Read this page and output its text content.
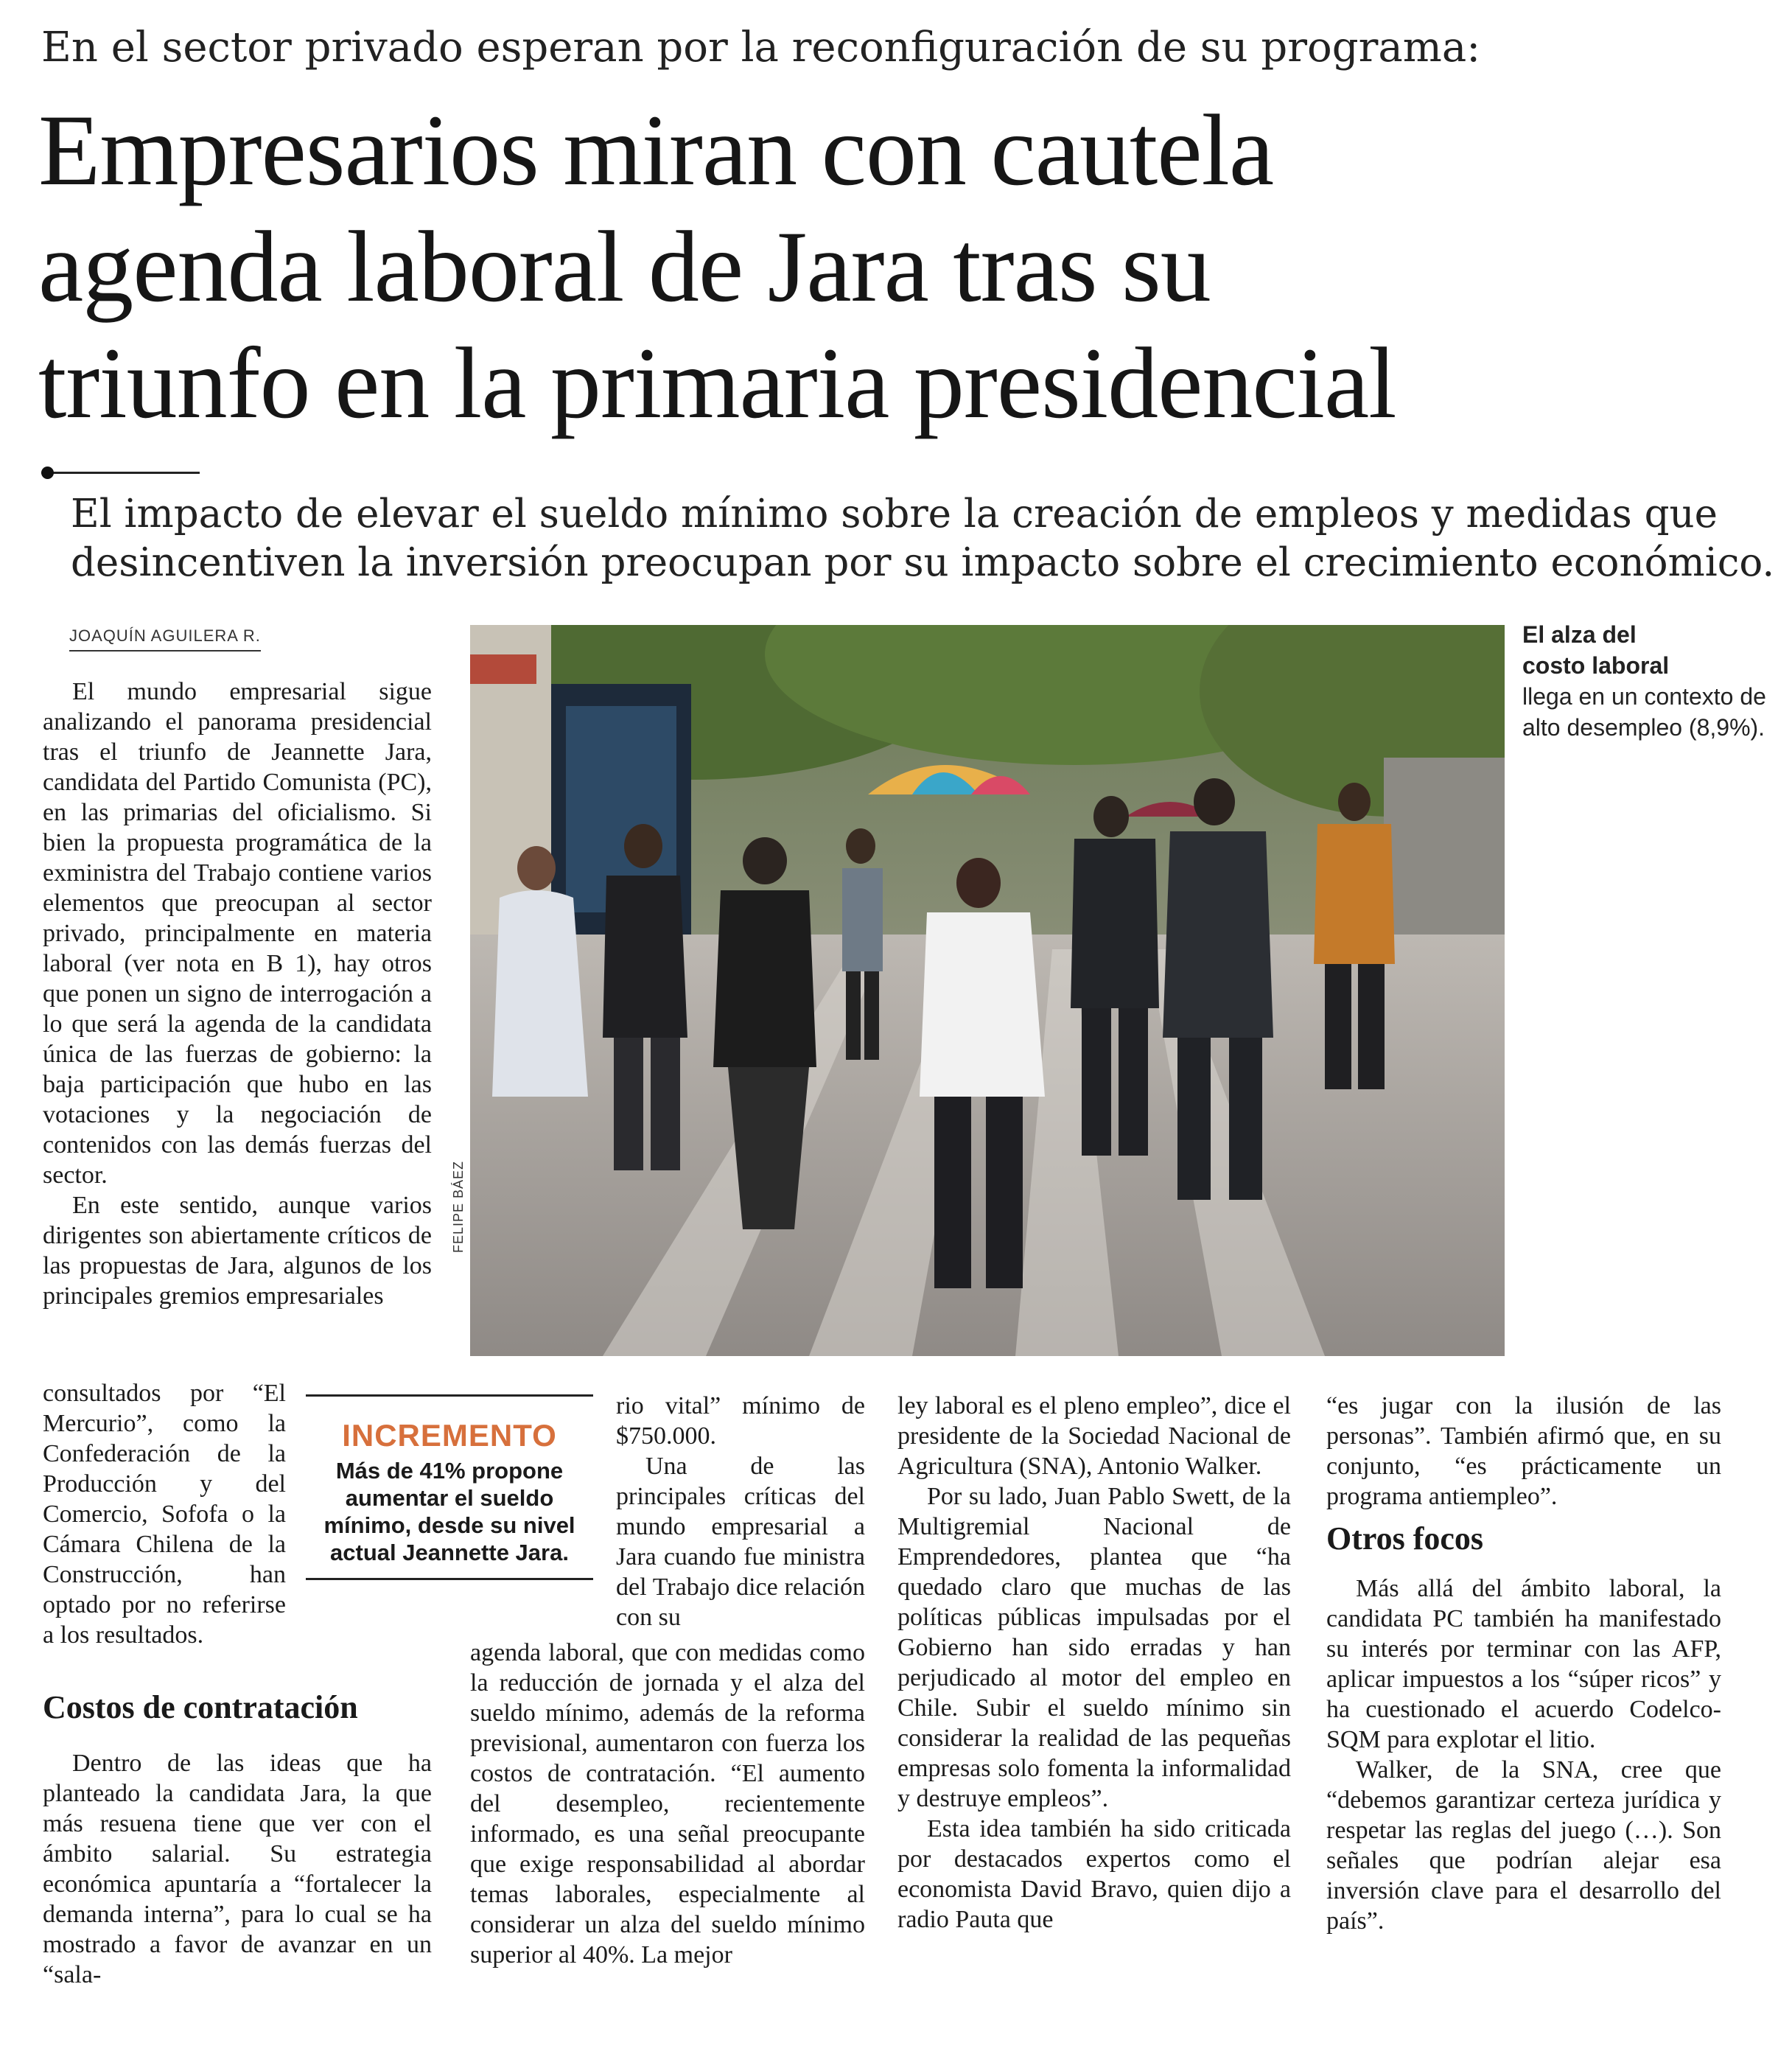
En el sector privado esperan por la reconfiguración de su programa:
Empresarios miran con cautela
agenda laboral de Jara tras su
triunfo en la primaria presidencial
El impacto de elevar el sueldo mínimo sobre la creación de empleos y medidas que
desincentiven la inversión preocupan por su impacto sobre el crecimiento económico.
JOAQUÍN AGUILERA R.

El mundo empresarial sigue analizando el panorama presidencial tras el triunfo de Jeannette Jara, candidata del Partido Comunista (PC), en las primarias del oficialismo. Si bien la propuesta programática de la exministra del Trabajo contiene varios elementos que preocupan al sector privado, principalmente en materia laboral (ver nota en B 1), hay otros que ponen un signo de interrogación a lo que será la agenda de la candidata única de las fuerzas de gobierno: la baja participación que hubo en las votaciones y la negociación de contenidos con las demás fuerzas del sector.

En este sentido, aunque varios dirigentes son abiertamente críticos de las propuestas de Jara, algunos de los principales gremios empresariales

FELIPE BÁEZ
El alza del
costo laboral
llega en un contexto de alto desempleo (8,9%).

consultados por “El Mercurio”, como la Confederación de la Producción y del Comercio, Sofofa o la Cámara Chilena de la Construcción, han optado por no referirse a los resultados.

INCREMENTO
Más de 41% propone aumentar el sueldo mínimo, desde su nivel actual Jeannette Jara.
Costos de contratación

Dentro de las ideas que ha planteado la candidata Jara, la que más resuena tiene que ver con el ámbito salarial. Su estrategia económica apuntaría a “fortalecer la demanda interna”, para lo cual se ha mostrado a favor de avanzar en un “sala-

rio vital” mínimo de $750.000.

Una de las principales críticas del mundo empresarial a Jara cuando fue ministra del Trabajo dice relación con su

agenda laboral, que con medidas como la reducción de jornada y el alza del sueldo mínimo, además de la reforma previsional, aumentaron con fuerza los costos de contratación. “El aumento del desempleo, recientemente informado, es una señal preocupante que exige responsabilidad al abordar temas laborales, especialmente al considerar un alza del sueldo mínimo superior al 40%. La mejor

ley laboral es el pleno empleo”, dice el presidente de la Sociedad Nacional de Agricultura (SNA), Antonio Walker.

Por su lado, Juan Pablo Swett, de la Multigremial Nacional de Emprendedores, plantea que “ha quedado claro que muchas de las políticas públicas impulsadas por el Gobierno han sido erradas y han perjudicado al motor del empleo en Chile. Subir el sueldo mínimo sin considerar la realidad de las pequeñas empresas solo fomenta la informalidad y destruye empleos”.

Esta idea también ha sido criticada por destacados expertos como el economista David Bravo, quien dijo a radio Pauta que

“es jugar con la ilusión de las personas”. También afirmó que, en su conjunto, “es prácticamente un programa antiempleo”.

Otros focos

Más allá del ámbito laboral, la candidata PC también ha manifestado su interés por terminar con las AFP, aplicar impuestos a los “súper ricos” y ha cuestionado el acuerdo Codelco-SQM para explotar el litio.

Walker, de la SNA, cree que “debemos garantizar certeza jurídica y respetar las reglas del juego (…). Son señales que podrían alejar esa inversión clave para el desarrollo del país”.
